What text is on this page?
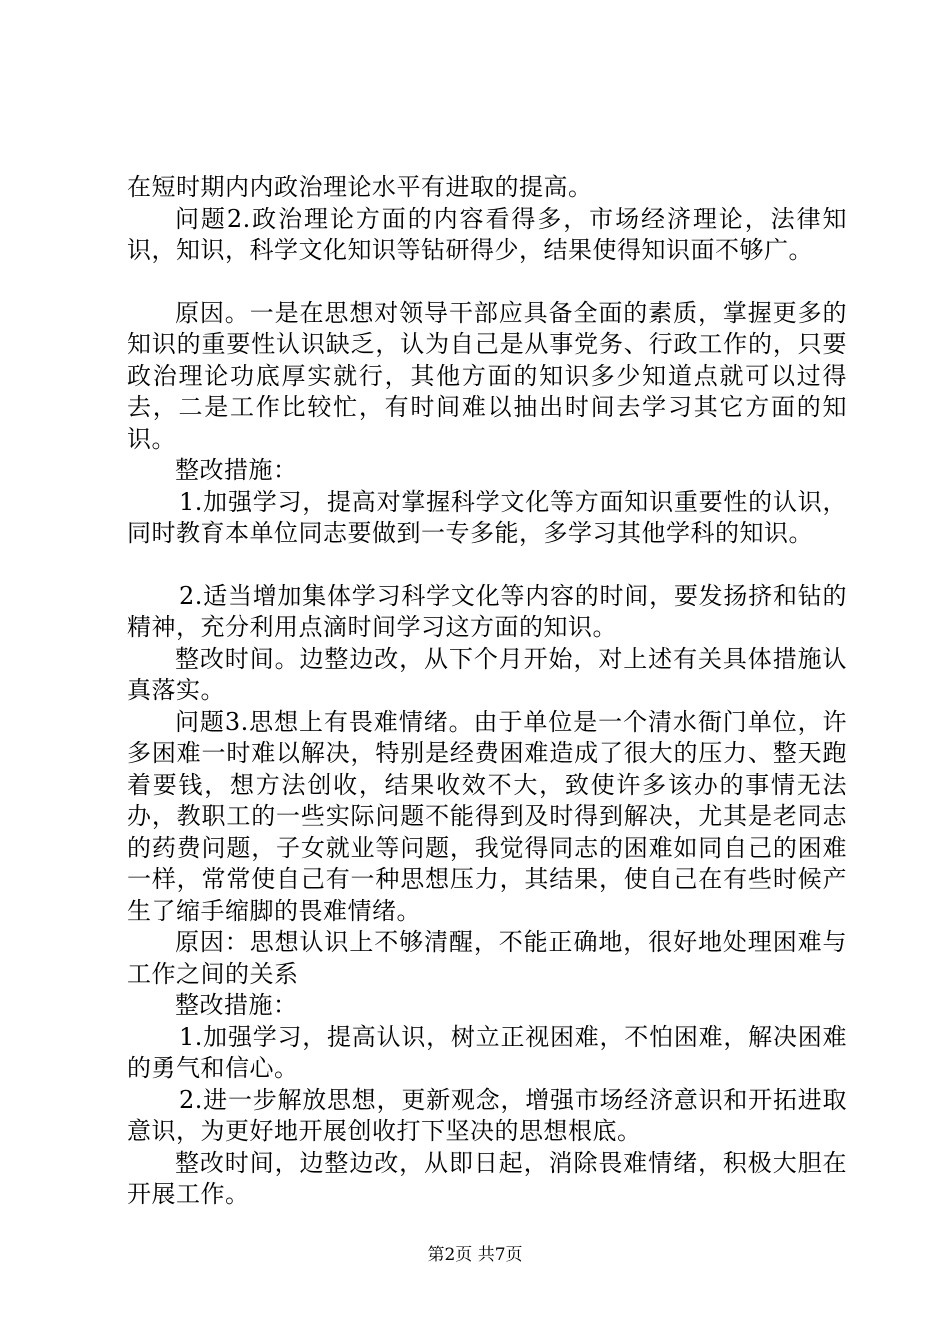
在短时期内内政治理论水平有进取的提高。

问题2.政治理论方面的内容看得多，市场经济理论，法律知识，知识，科学文化知识等钻研得少，结果使得知识面不够广。

原因。一是在思想对领导干部应具备全面的素质，掌握更多的知识的重要性认识缺乏，认为自己是从事党务、行政工作的，只要政治理论功底厚实就行，其他方面的知识多少知道点就可以过得去，二是工作比较忙，有时间难以抽出时间去学习其它方面的知识。

整改措施：

1.加强学习，提高对掌握科学文化等方面知识重要性的认识，同时教育本单位同志要做到一专多能，多学习其他学科的知识。

2.适当增加集体学习科学文化等内容的时间，要发扬挤和钻的精神，充分利用点滴时间学习这方面的知识。

整改时间。边整边改，从下个月开始，对上述有关具体措施认真落实。

问题3.思想上有畏难情绪。由于单位是一个清水衙门单位，许多困难一时难以解决，特别是经费困难造成了很大的压力、整天跑着要钱，想方法创收，结果收效不大，致使许多该办的事情无法办，教职工的一些实际问题不能得到及时得到解决，尤其是老同志的药费问题，子女就业等问题，我觉得同志的困难如同自己的困难一样，常常使自己有一种思想压力，其结果，使自己在有些时候产生了缩手缩脚的畏难情绪。

原因：思想认识上不够清醒，不能正确地，很好地处理困难与工作之间的关系

整改措施：

1.加强学习，提高认识，树立正视困难，不怕困难，解决困难的勇气和信心。

2.进一步解放思想，更新观念，增强市场经济意识和开拓进取意识，为更好地开展创收打下坚决的思想根底。

整改时间，边整边改，从即日起，消除畏难情绪，积极大胆在开展工作。

第2页 共7页
